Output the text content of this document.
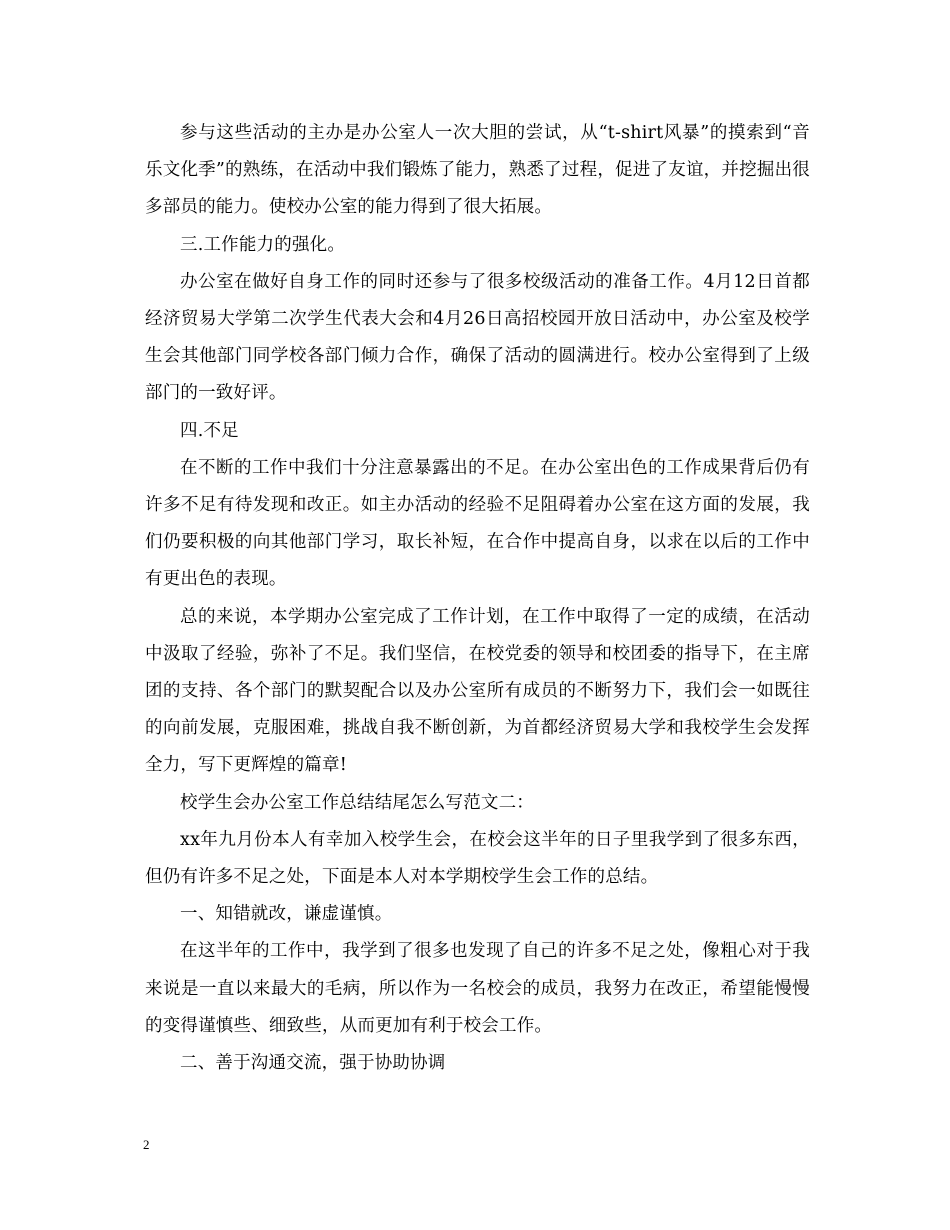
参与这些活动的主办是办公室人一次大胆的尝试，从“t-shirt风暴”的摸索到“音乐文化季”的熟练，在活动中我们锻炼了能力，熟悉了过程，促进了友谊，并挖掘出很多部员的能力。使校办公室的能力得到了很大拓展。

三.工作能力的强化。

办公室在做好自身工作的同时还参与了很多校级活动的准备工作。4月12日首都经济贸易大学第二次学生代表大会和4月26日高招校园开放日活动中，办公室及校学生会其他部门同学校各部门倾力合作，确保了活动的圆满进行。校办公室得到了上级部门的一致好评。

四.不足

在不断的工作中我们十分注意暴露出的不足。在办公室出色的工作成果背后仍有许多不足有待发现和改正。如主办活动的经验不足阻碍着办公室在这方面的发展，我们仍要积极的向其他部门学习，取长补短，在合作中提高自身，以求在以后的工作中有更出色的表现。

总的来说，本学期办公室完成了工作计划，在工作中取得了一定的成绩，在活动中汲取了经验，弥补了不足。我们坚信，在校党委的领导和校团委的指导下，在主席团的支持、各个部门的默契配合以及办公室所有成员的不断努力下，我们会一如既往的向前发展，克服困难，挑战自我不断创新，为首都经济贸易大学和我校学生会发挥全力，写下更辉煌的篇章!

校学生会办公室工作总结结尾怎么写范文二：

xx年九月份本人有幸加入校学生会，在校会这半年的日子里我学到了很多东西，但仍有许多不足之处，下面是本人对本学期校学生会工作的总结。

一、知错就改，谦虚谨慎。

在这半年的工作中，我学到了很多也发现了自己的许多不足之处，像粗心对于我来说是一直以来最大的毛病，所以作为一名校会的成员，我努力在改正，希望能慢慢的变得谨慎些、细致些，从而更加有利于校会工作。

二、善于沟通交流，强于协助协调

2
